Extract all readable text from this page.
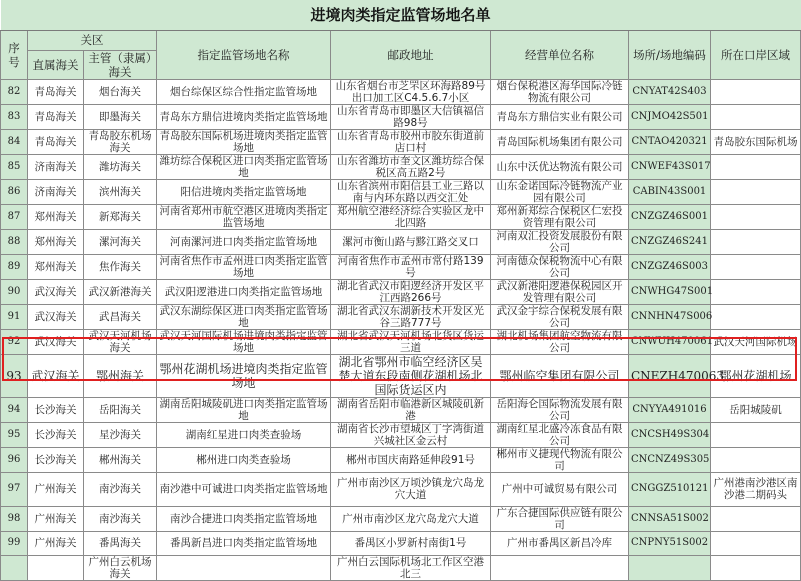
进境肉类指定监管场地名单							
序号	关区		指定监管场地名称	邮政地址	经营单位名称	场所/场地编码	所在口岸区域
	直属海关	主管（隶属）海关					
82	青岛海关	烟台海关	烟台综保区综合性指定监管场地	山东省烟台市芝罘区环海路89号出口加工区C4.5.6.7小区	烟台保税港区海华国际冷链物流有限公司	CNYAT42S403	
83	青岛海关	即墨海关	青岛东方鼎信进境肉类指定监管场地	山东省青岛市即墨区大信镇福信路98号	青岛东方鼎信实业有限公司	CNJMO42S501	
84	青岛海关	青岛胶东机场海关	青岛胶东国际机场进境肉类指定监管场地	山东省青岛市胶州市胶东街道前店口村	青岛国际机场集团有限公司	CNTAO420321	青岛胶东国际机场
85	济南海关	潍坊海关	潍坊综合保税区进口肉类指定监管场地	山东省潍坊市奎文区潍坊综合保税区高五路2号	山东中沃优达物流有限公司	CNWEF43S017	
86	济南海关	滨州海关	阳信进境肉类指定监管场地	山东省滨州市阳信县工业三路以南与内环东路以西交汇处	山东金诺国际冷链物流产业园有限公司	CABIN43S001	
87	郑州海关	新郑海关	河南省郑州市航空港区进境肉类指定监管场地	郑州航空港经济综合实验区龙中北四路	郑州新郑综合保税区仁宏投资管理有限公司	CNZGZ46S001	
88	郑州海关	漯河海关	河南漯河进口肉类指定监管场地	漯河市衡山路与黟江路交叉口	河南双汇投资发展股份有限公司	CNZGZ46S241	
89	郑州海关	焦作海关	河南省焦作市孟州进口肉类指定监管场地	河南省焦作市孟州市常付路139号	河南德众保税物流中心有限公司	CNZGZ46S003	
90	武汉海关	武汉新港海关	武汉阳逻港进口肉类指定监管场地	湖北省武汉市阳逻经济开发区平江西路266号	武汉新港阳逻港保税园区开发管理有限公司	CNWHG47S001	
91	武汉海关	武昌海关	武汉东湖综保区进口肉类指定监管场地	湖北省武汉东湖新技术开发区光谷三路777号	武汉金宇综合保税发展有限公司	CNNHN47S006	
92	武汉海关	武汉天河机场海关	武汉天河国际机场进境肉类指定监管场地	湖北省武汉天河机场北货区货运三道	湖北机场集团航空物流有限公司	CNWUH470061	武汉天河国际机场
93	武汉海关	鄂州海关	鄂州花湖机场进境肉类指定监管场地	湖北省鄂州市临空经济区吴楚大道东段南侧花湖机场北国际货运区内	鄂州临空集团有限公司	CNEZH470063	鄂州花湖机场
94	长沙海关	岳阳海关	湖南岳阳城陵矶进口肉类指定监管场地	湖南省岳阳市临港新区城陵矶新港	岳阳海仑国际物流发展有限公司	CNYYA491016	岳阳城陵矶
95	长沙海关	星沙海关	湖南红星进口肉类查验场	湖南省长沙市望城区丁字湾街道兴城社区金云村	湖南红星北盛冷冻食品有限公司	CNCSH49S304	
96	长沙海关	郴州海关	郴州进口肉类查验场	郴州市国庆南路延伸段91号	郴州市义捷现代物流有限公司	CNCNZ49S305	
97	广州海关	南沙海关	南沙港中可诚进口肉类指定监管场地	广州市南沙区万顷沙镇龙穴岛龙穴大道	广州中可诚贸易有限公司	CNGGZ510121	广州港南沙港区南沙港二期码头
98	广州海关	南沙海关	南沙合捷进口肉类指定监管场地	广州市南沙区龙穴岛龙穴大道	广东合捷国际供应链有限公司	CNNSA51S002	
99	广州海关	番禺海关	番禺新昌进口肉类指定监管场地	番禺区小罗新村南街1号	广州市番禺区新昌冷库	CNPNY51S002	
		广州白云机场海关		广州白云国际机场北工作区空港北三			
